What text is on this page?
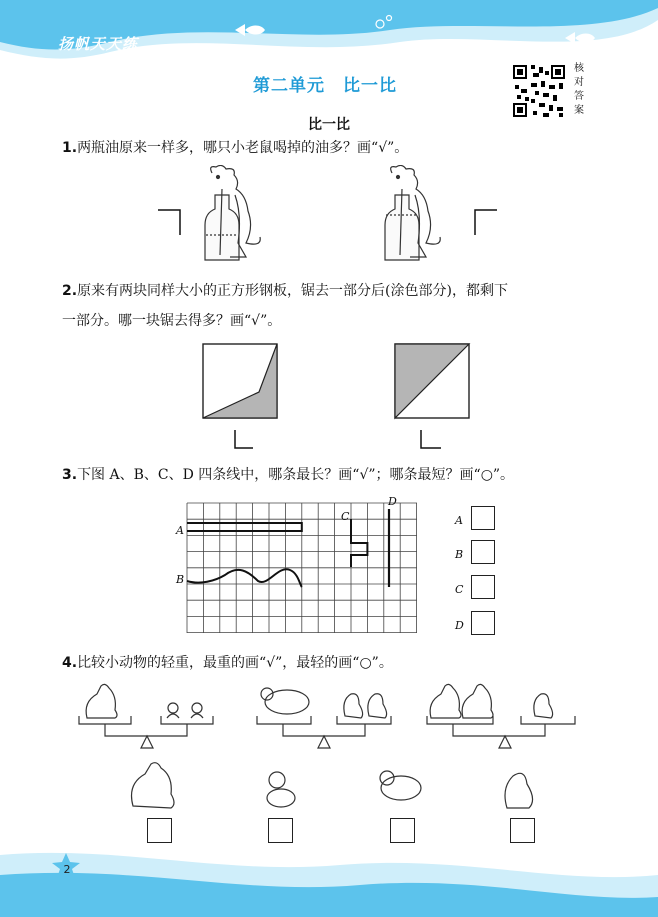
扬帆天天练
第二单元　比一比
比一比
核
对
答
案
1.两瓶油原来一样多，哪只小老鼠喝掉的油多？画“√”。
2.原来有两块同样大小的正方形钢板，锯去一部分后(涂色部分)，都剩下
一部分。哪一块锯去得多？画“√”。
3.下图 A、B、C、D 四条线中，哪条最长？画“√”；哪条最短？画“○”。
A
B
C
D
A
B
C
D
4.比较小动物的轻重，最重的画“√”，最轻的画“○”。
2
